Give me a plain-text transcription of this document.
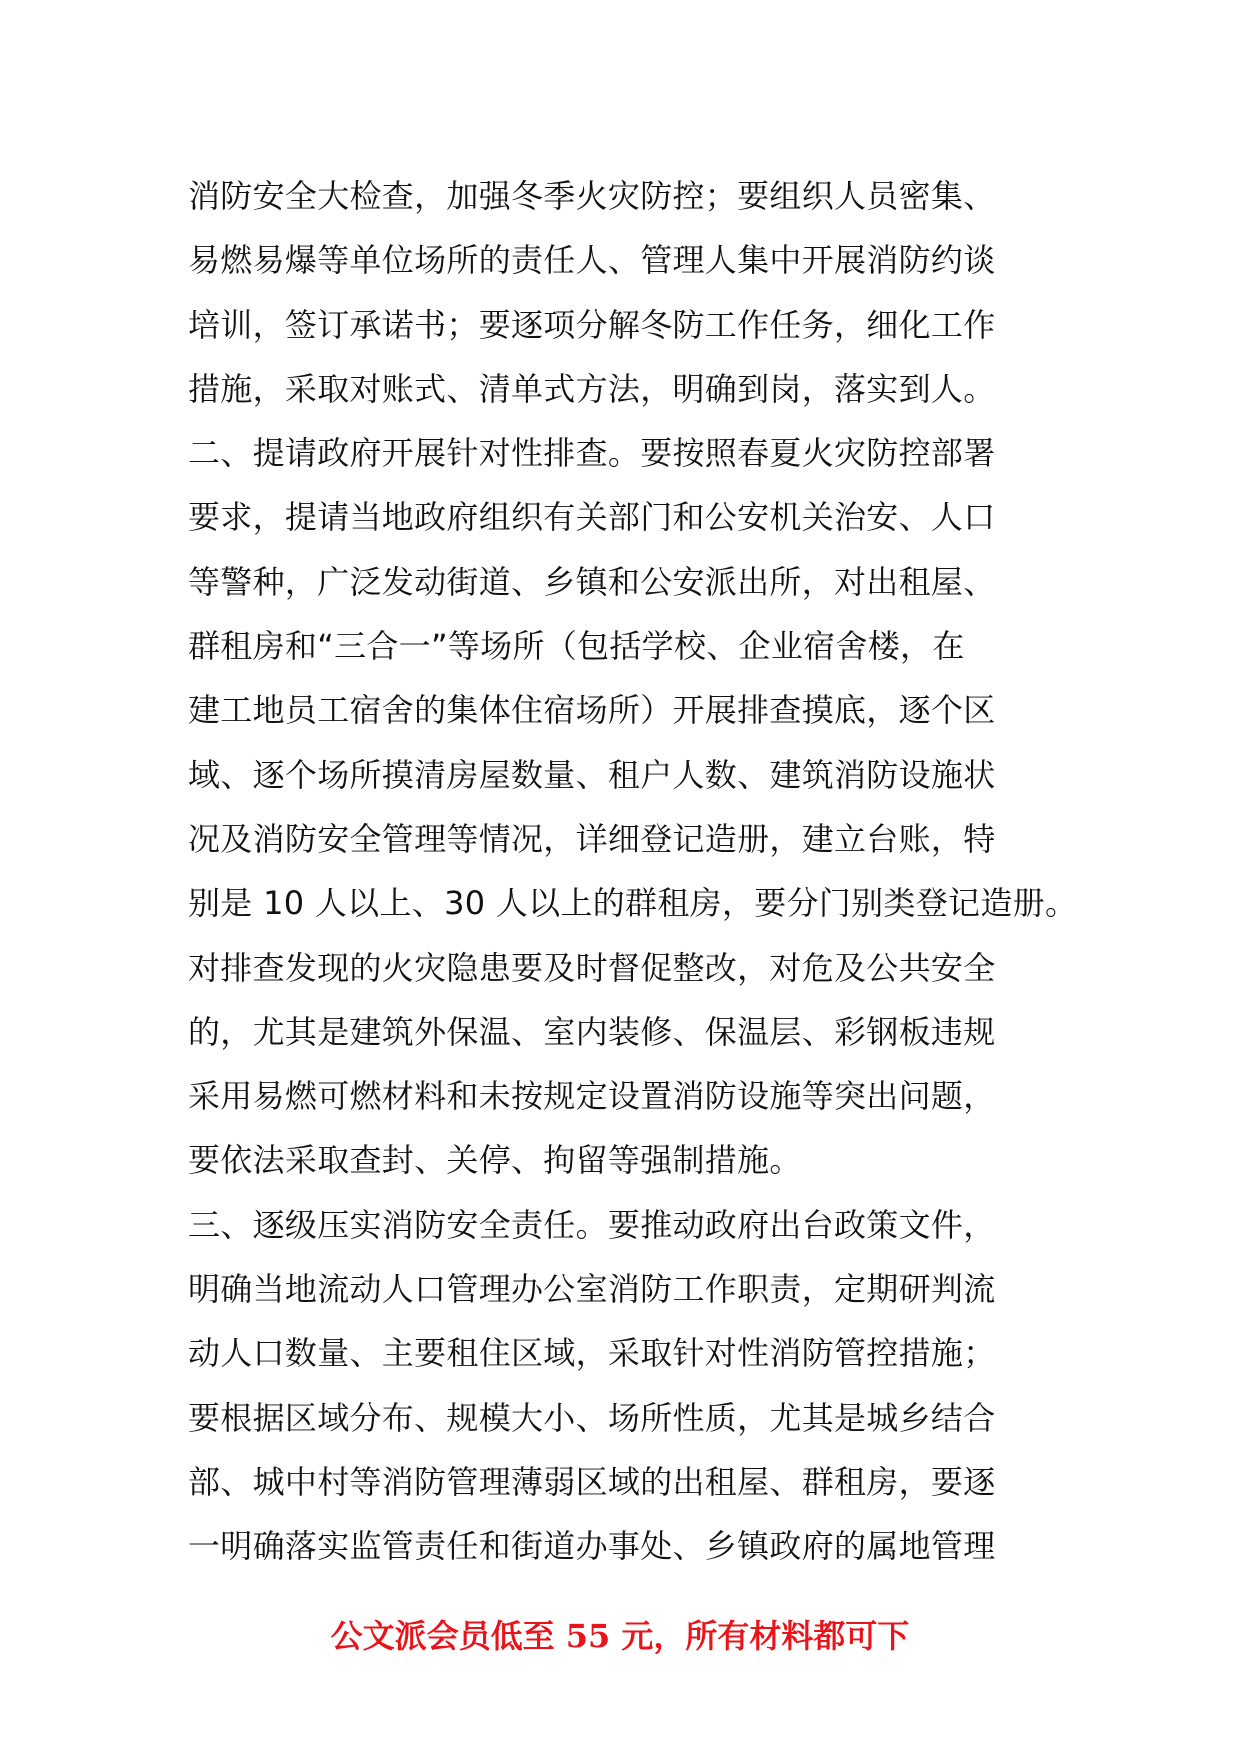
消防安全大检查，加强冬季火灾防控；要组织人员密集、
易燃易爆等单位场所的责任人、管理人集中开展消防约谈
培训，签订承诺书；要逐项分解冬防工作任务，细化工作
措施，采取对账式、清单式方法，明确到岗，落实到人。
二、提请政府开展针对性排查。要按照春夏火灾防控部署
要求，提请当地政府组织有关部门和公安机关治安、人口
等警种，广泛发动街道、乡镇和公安派出所，对出租屋、
群租房和“三合一”等场所（包括学校、企业宿舍楼，在
建工地员工宿舍的集体住宿场所）开展排查摸底，逐个区
域、逐个场所摸清房屋数量、租户人数、建筑消防设施状
况及消防安全管理等情况，详细登记造册，建立台账，特
别是 10 人以上、30 人以上的群租房，要分门别类登记造册。
对排查发现的火灾隐患要及时督促整改，对危及公共安全
的，尤其是建筑外保温、室内装修、保温层、彩钢板违规
采用易燃可燃材料和未按规定设置消防设施等突出问题，
要依法采取查封、关停、拘留等强制措施。
三、逐级压实消防安全责任。要推动政府出台政策文件，
明确当地流动人口管理办公室消防工作职责，定期研判流
动人口数量、主要租住区域，采取针对性消防管控措施；
要根据区域分布、规模大小、场所性质，尤其是城乡结合
部、城中村等消防管理薄弱区域的出租屋、群租房，要逐
一明确落实监管责任和街道办事处、乡镇政府的属地管理
公文派会员低至 55 元，所有材料都可下
